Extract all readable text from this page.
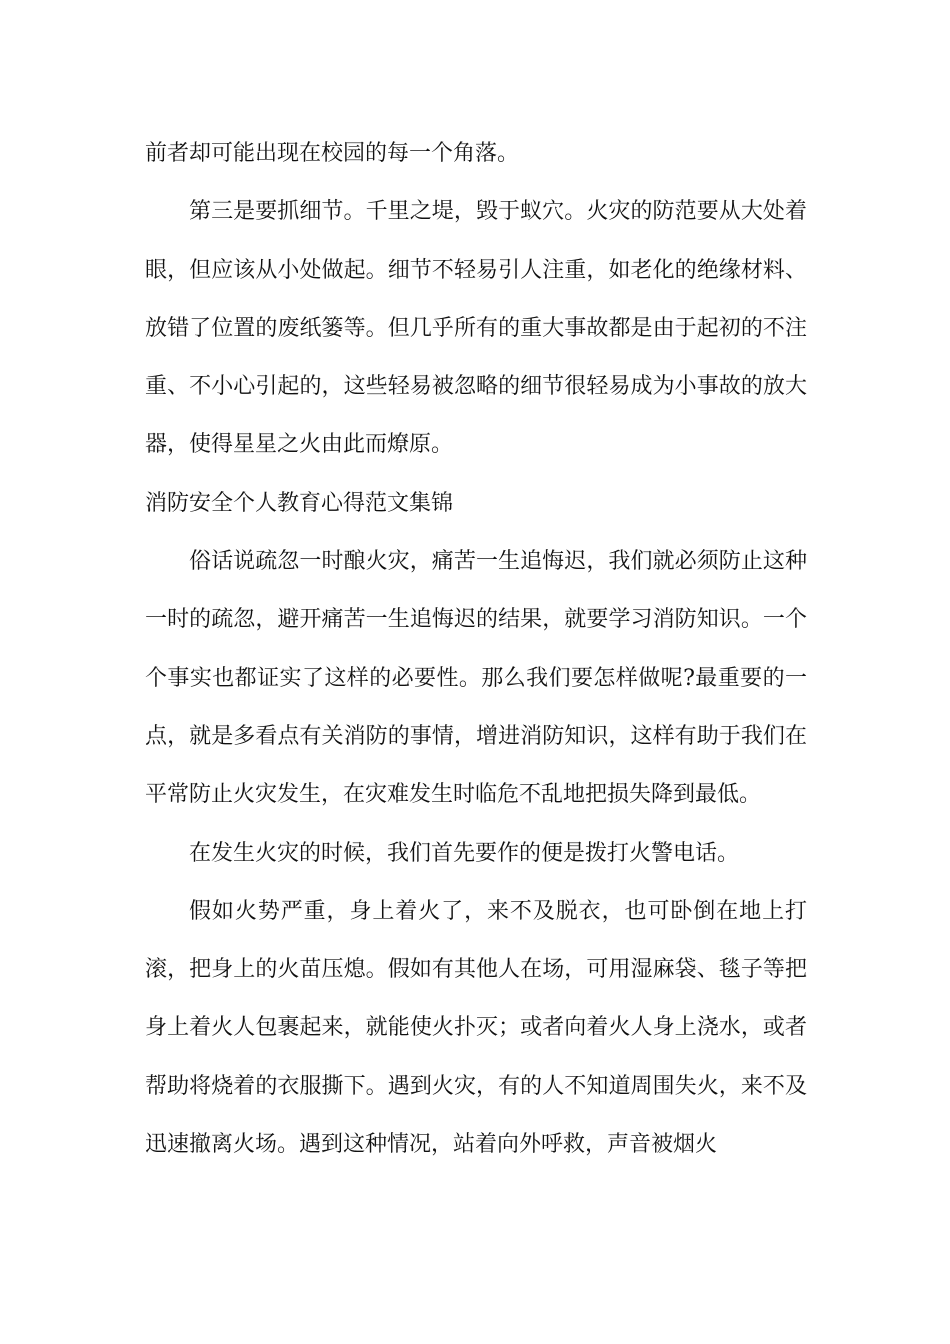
前者却可能出现在校园的每一个角落。

第三是要抓细节。千里之堤，毁于蚁穴。火灾的防范要从大处着眼，但应该从小处做起。细节不轻易引人注重，如老化的绝缘材料、放错了位置的废纸篓等。但几乎所有的重大事故都是由于起初的不注重、不小心引起的，这些轻易被忽略的细节很轻易成为小事故的放大器，使得星星之火由此而燎原。

消防安全个人教育心得范文集锦

俗话说疏忽一时酿火灾，痛苦一生追悔迟，我们就必须防止这种一时的疏忽，避开痛苦一生追悔迟的结果，就要学习消防知识。一个个事实也都证实了这样的必要性。那么我们要怎样做呢?最重要的一点，就是多看点有关消防的事情，增进消防知识，这样有助于我们在平常防止火灾发生，在灾难发生时临危不乱地把损失降到最低。

在发生火灾的时候，我们首先要作的便是拨打火警电话。

假如火势严重，身上着火了，来不及脱衣，也可卧倒在地上打滚，把身上的火苗压熄。假如有其他人在场，可用湿麻袋、毯子等把身上着火人包裹起来，就能使火扑灭；或者向着火人身上浇水，或者帮助将烧着的衣服撕下。遇到火灾，有的人不知道周围失火，来不及迅速撤离火场。遇到这种情况，站着向外呼救，声音被烟火
